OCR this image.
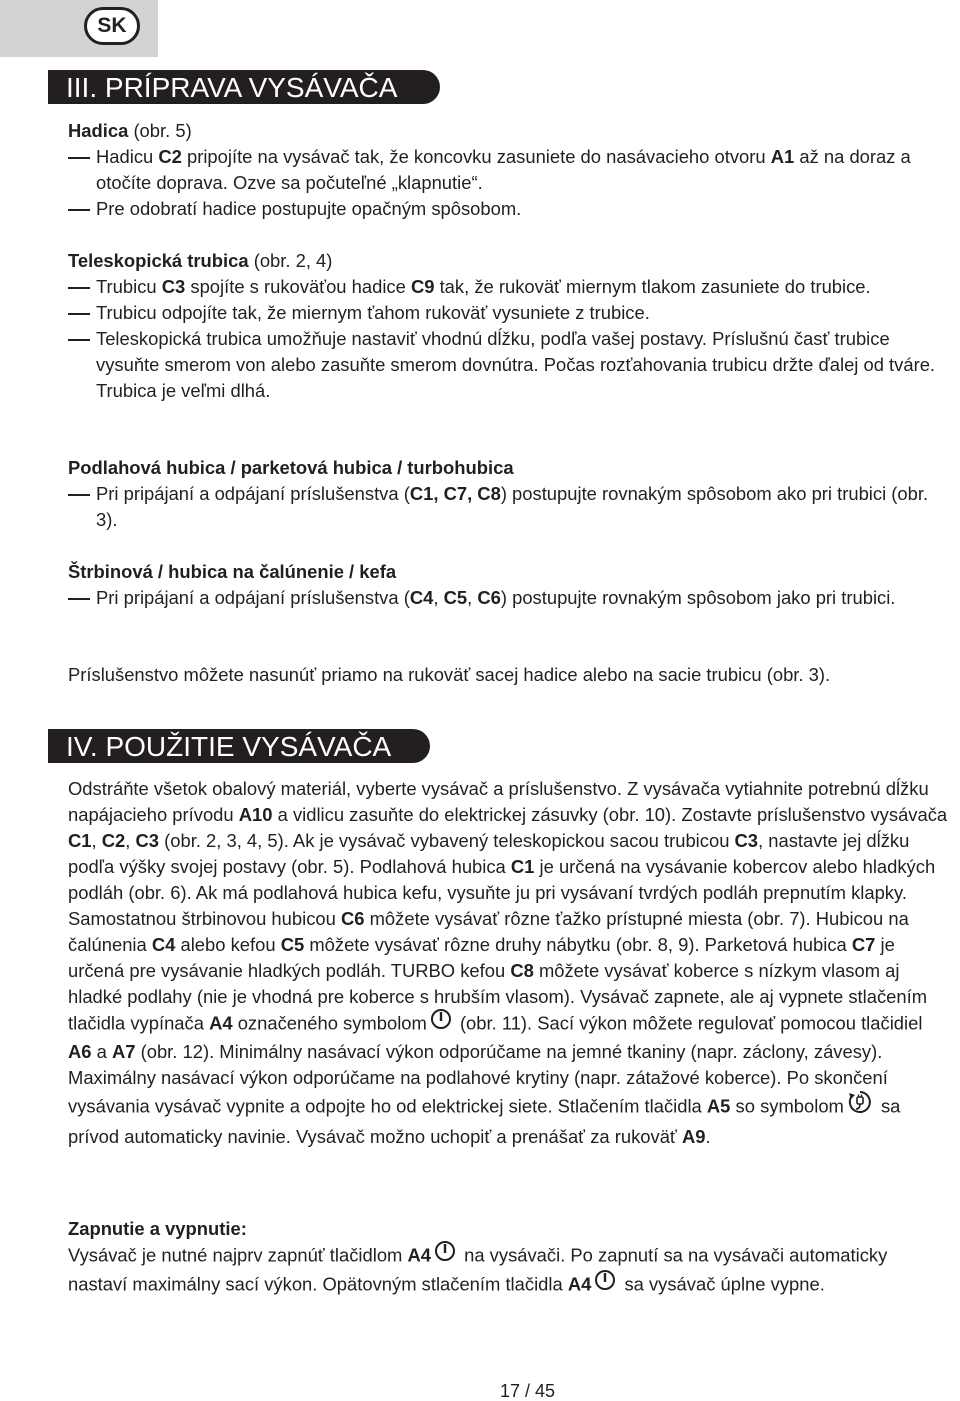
SK
III. PRÍPRAVA VYSÁVAČA
Hadica (obr. 5)
Hadicu C2 pripojíte na vysávač tak, že koncovku zasuniete do nasávacieho otvoru A1 až na doraz a otočíte doprava. Ozve sa počuteľné „klapnutie“.
Pre odobratí hadice postupujte opačným spôsobom.
Teleskopická trubica (obr. 2, 4)
Trubicu C3 spojíte s rukoväťou hadice C9 tak, že rukoväť miernym tlakom zasuniete do trubice.
Trubicu odpojíte tak, že miernym ťahom rukoväť vysuniete z trubice.
Teleskopická trubica umožňuje nastaviť vhodnú dĺžku, podľa vašej postavy. Príslušnú časť trubice vysuňte smerom von alebo zasuňte smerom dovnútra. Počas rozťahovania trubicu držte ďalej od tváre. Trubica je veľmi dlhá.
Podlahová hubica / parketová hubica / turbohubica
Pri pripájaní a odpájaní príslušenstva (C1, C7, C8) postupujte rovnakým spôsobom ako pri trubici (obr. 3).
Štrbinová / hubica na čalúnenie / kefa
Pri pripájaní a odpájaní príslušenstva (C4, C5, C6) postupujte rovnakým spôsobom jako pri trubici.
Príslušenstvo môžete nasunúť priamo na rukoväť sacej hadice alebo na sacie trubicu (obr. 3).
IV. POUŽITIE VYSÁVAČA
Odstráňte všetok obalový materiál, vyberte vysávač a príslušenstvo. Z vysávača vytiahnite potrebnú dĺžku napájacieho prívodu A10 a vidlicu zasuňte do elektrickej zásuvky (obr. 10). Zostavte príslušenstvo vysávača C1, C2, C3 (obr. 2, 3, 4, 5). Ak je vysávač vybavený teleskopickou sacou trubicou C3, nastavte jej dĺžku podľa výšky svojej postavy (obr. 5). Podlahová hubica C1 je určená na vysávanie kobercov alebo hladkých podláh (obr. 6). Ak má podlahová hubica kefu, vysuňte ju pri vysávaní tvrdých podláh prepnutím klapky. Samostatnou štrbinovou hubicou C6 môžete vysávať rôzne ťažko prístupné miesta (obr. 7). Hubicou na čalúnenia C4 alebo kefou C5 môžete vysávať rôzne druhy nábytku (obr. 8, 9). Parketová hubica C7 je určená pre vysávanie hladkých podláh. TURBO kefou C8 môžete vysávať koberce s nízkym vlasom aj hladké podlahy (nie je vhodná pre koberce s hrubším vlasom). Vysávač zapnete, ale aj vypnete stlačením tlačidla vypínača A4 označeného symbolom (obr. 11). Sací výkon môžete regulovať pomocou tlačidiel A6 a A7 (obr. 12). Minimálny nasávací výkon odporúčame na jemné tkaniny (napr. záclony, závesy). Maximálny nasávací výkon odporúčame na podlahové krytiny (napr. zátažové koberce). Po skončení vysávania vysávač vypnite a odpojte ho od elektrickej siete. Stlačením tlačidla A5 so symbolom sa prívod automaticky navinie. Vysávač možno uchopiť a prenášať za rukoväť A9.
Zapnutie a vypnutie:
Vysávač je nutné najprv zapnúť tlačidlom A4 na vysávači. Po zapnutí sa na vysávači automaticky nastaví maximálny sací výkon. Opätovným stlačením tlačidla A4 sa vysávač úplne vypne.
17 / 45
